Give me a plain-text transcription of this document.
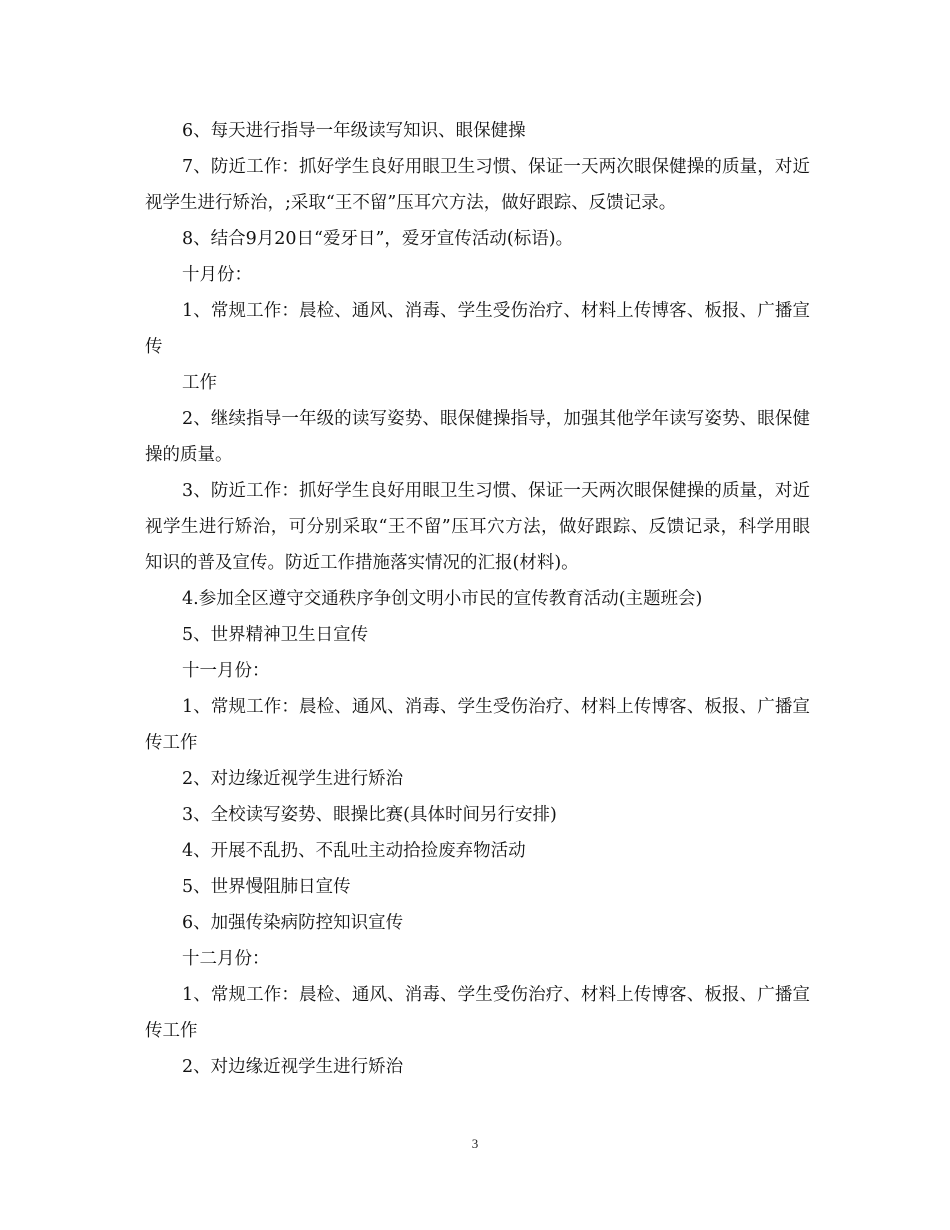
6、每天进行指导一年级读写知识、眼保健操

7、防近工作：抓好学生良好用眼卫生习惯、保证一天两次眼保健操的质量，对近视学生进行矫治，;采取“王不留”压耳穴方法，做好跟踪、反馈记录。

8、结合9月20日“爱牙日”，爱牙宣传活动(标语)。

十月份：

1、常规工作：晨检、通风、消毒、学生受伤治疗、材料上传博客、板报、广播宣传

工作

2、继续指导一年级的读写姿势、眼保健操指导，加强其他学年读写姿势、眼保健操的质量。

3、防近工作：抓好学生良好用眼卫生习惯、保证一天两次眼保健操的质量，对近视学生进行矫治，可分别采取“王不留”压耳穴方法，做好跟踪、反馈记录，科学用眼知识的普及宣传。防近工作措施落实情况的汇报(材料)。

4.参加全区遵守交通秩序争创文明小市民的宣传教育活动(主题班会)

5、世界精神卫生日宣传

十一月份：

1、常规工作：晨检、通风、消毒、学生受伤治疗、材料上传博客、板报、广播宣传工作

2、对边缘近视学生进行矫治

3、全校读写姿势、眼操比赛(具体时间另行安排)

4、开展不乱扔、不乱吐主动拾捡废弃物活动

5、世界慢阻肺日宣传

6、加强传染病防控知识宣传

十二月份：

1、常规工作：晨检、通风、消毒、学生受伤治疗、材料上传博客、板报、广播宣传工作

2、对边缘近视学生进行矫治

3
